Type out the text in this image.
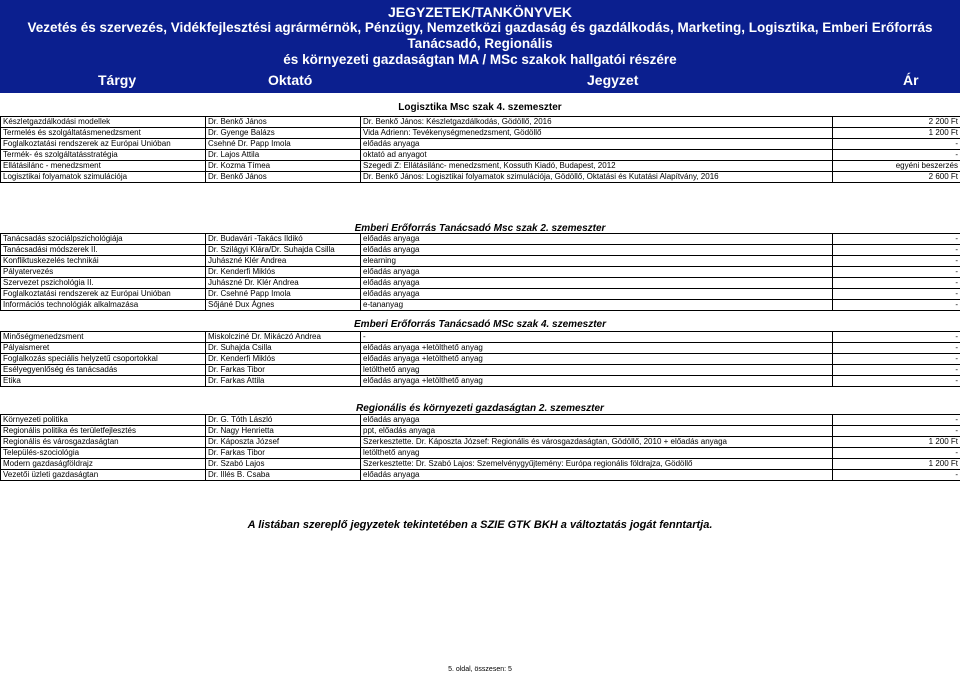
JEGYZETEK/TANKÖNYVEK
Vezetés és szervezés, Vidékfejlesztési agrármérnök, Pénzügy, Nemzetközi gazdaság és gazdálkodás, Marketing, Logisztika, Emberi Erőforrás Tanácsadó, Regionális
és környezeti gazdaságtan MA / MSc szakok hallgatói részére
Tárgy	Oktató	Jegyzet	Ár
Logisztika Msc szak 4. szemeszter
Készletgazdálkodási modellek	Dr. Benkő János	Dr. Benkő János: Készletgazdálkodás, Gödöllő, 2016	2 200 Ft
Termelés és szolgáltatásmenedzsment	Dr. Gyenge Balázs	Vida Adrienn: Tevékenységmenedzsment, Gödöllő	1 200 Ft
Foglalkoztatási rendszerek az Európai Unióban	Csehné Dr. Papp Imola	előadás anyaga	-
Termék- és szolgáltatásstratégia	Dr. Lajos Attila	oktató ad anyagot	-
Ellátásilánc - menedzsment	Dr. Kozma Tímea	Szegedi Z: Ellátásilánc- menedzsment, Kossuth Kiadó, Budapest, 2012	egyéni beszerzés
Logisztikai folyamatok szimulációja	Dr. Benkő János	Dr. Benkő János: Logisztikai folyamatok szimulációja, Gödöllő, Oktatási és Kutatási Alapítvány, 2016	2 600 Ft
Emberi Erőforrás Tanácsadó Msc szak 2. szemeszter
Tanácsadás szociálpszichológiája	Dr. Budavári -Takács Ildikó	előadás anyaga	-
Tanácsadási módszerek II.	Dr. Szilágyi Klára/Dr. Suhajda Csilla	előadás anyaga	-
Konfliktuskezelés technikái	Juhászné Klér Andrea	elearning	-
Pályatervezés	Dr. Kenderfi Miklós	előadás anyaga	-
Szervezet pszichológia II.	Juhászné Dr. Klér Andrea	előadás anyaga	-
Foglalkoztatási rendszerek az Európai Unióban	Dr. Csehné Papp Imola	előadás anyaga	-
Információs technológiák alkalmazása	Sőjáné Dux Ágnes	e-tananyag	-
Emberi Erőforrás Tanácsadó MSc szak 4. szemeszter
Minőségmenedzsment	Miskolcziné Dr. Mikáczó Andrea	-	-
Pályaismeret	Dr. Suhajda Csilla	előadás anyaga +letölthető anyag	-
Foglalkozás speciális helyzetű csoportokkal	Dr. Kenderfi Miklós	előadás anyaga +letölthető anyag	-
Esélyegyenlőség és tanácsadás	Dr. Farkas Tibor	letölthető anyag	-
Etika	Dr. Farkas Attila	előadás anyaga +letölthető anyag	-
Regionális és környezeti gazdaságtan 2. szemeszter
Környezeti politika	Dr. G. Tóth László	előadás anyaga	-
Regionális politika és területfejlesztés	Dr. Nagy Henrietta	ppt, előadás anyaga	-
Regionális és városgazdaságtan	Dr. Káposzta József	Szerkesztette. Dr. Káposzta József: Regionális és városgazdaságtan, Gödöllő, 2010 + előadás anyaga	1 200 Ft
Település-szociológia	Dr. Farkas Tibor	letölthető anyag	-
Modern gazdaságföldrajz	Dr. Szabó Lajos	Szerkesztette: Dr. Szabó Lajos: Szemelvénygyűjtemény: Európa regionális földrajza, Gödöllő	1 200 Ft
Vezetői üzleti gazdaságtan	Dr. Illés B. Csaba	előadás anyaga	-
A listában szereplő jegyzetek tekintetében a SZIE GTK BKH a változtatás jogát fenntartja.
5. oldal, összesen: 5
